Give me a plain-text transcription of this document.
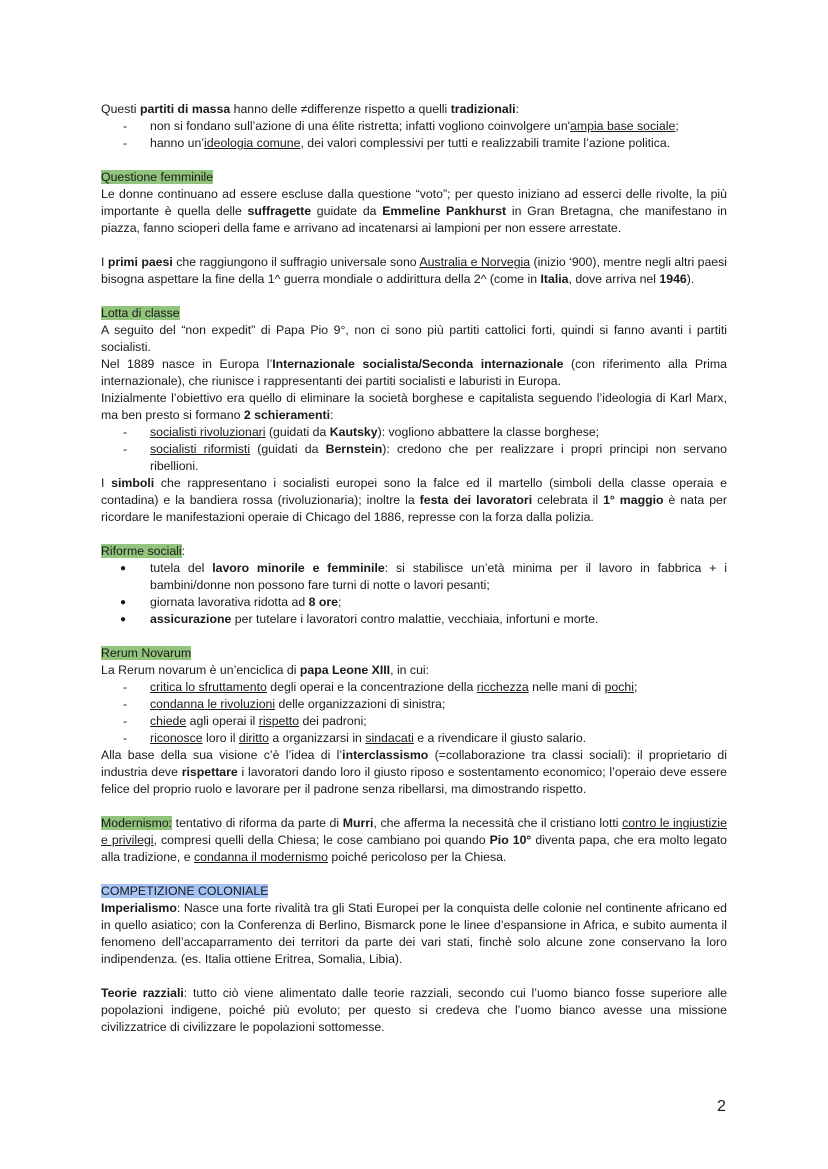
Questi partiti di massa hanno delle ≠differenze rispetto a quelli tradizionali:

- non si fondano sull’azione di una élite ristretta; infatti vogliono coinvolgere un'ampia base sociale;
- hanno un’ideologia comune, dei valori complessivi per tutti e realizzabili tramite l’azione politica.

Questione femminile

Le donne continuano ad essere escluse dalla questione “voto”; per questo iniziano ad esserci delle rivolte, la più importante è quella delle suffragette guidate da Emmeline Pankhurst in Gran Bretagna, che manifestano in piazza, fanno scioperi della fame e arrivano ad incatenarsi ai lampioni per non essere arrestate.

I primi paesi che raggiungono il suffragio universale sono Australia e Norvegia (inizio ‘900), mentre negli altri paesi bisogna aspettare la fine della 1^ guerra mondiale o addirittura della 2^ (come in Italia, dove arriva nel 1946).

Lotta di classe

A seguito del “non expedit” di Papa Pio 9°, non ci sono più partiti cattolici forti, quindi si fanno avanti i partiti socialisti.

Nel 1889 nasce in Europa l’Internazionale socialista/Seconda internazionale (con riferimento alla Prima internazionale), che riunisce i rappresentanti dei partiti socialisti e laburisti in Europa.

Inizialmente l’obiettivo era quello di eliminare la società borghese e capitalista seguendo l’ideologia di Karl Marx, ma ben presto si formano 2 schieramenti:

- socialisti rivoluzionari (guidati da Kautsky): vogliono abbattere la classe borghese;
- socialisti riformisti (guidati da Bernstein): credono che per realizzare i propri principi non servano ribellioni.

I simboli che rappresentano i socialisti europei sono la falce ed il martello (simboli della classe operaia e contadina) e la bandiera rossa (rivoluzionaria); inoltre la festa dei lavoratori celebrata il 1° maggio è nata per ricordare le manifestazioni operaie di Chicago del 1886, represse con la forza dalla polizia.

Riforme sociali:

● tutela del lavoro minorile e femminile: si stabilisce un’età minima per il lavoro in fabbrica + i bambini/donne non possono fare turni di notte o lavori pesanti;
● giornata lavorativa ridotta ad 8 ore;
● assicurazione per tutelare i lavoratori contro malattie, vecchiaia, infortuni e morte.

Rerum Novarum

La Rerum novarum è un’enciclica di papa Leone XIII, in cui:

- critica lo sfruttamento degli operai e la concentrazione della ricchezza nelle mani di pochi;
- condanna le rivoluzioni delle organizzazioni di sinistra;
- chiede agli operai il rispetto dei padroni;
- riconosce loro il diritto a organizzarsi in sindacati e a rivendicare il giusto salario.

Alla base della sua visione c’è l’idea di l’interclassismo (=collaborazione tra classi sociali): il proprietario di industria deve rispettare i lavoratori dando loro il giusto riposo e sostentamento economico; l’operaio deve essere felice del proprio ruolo e lavorare per il padrone senza ribellarsi, ma dimostrando rispetto.

Modernismo: tentativo di riforma da parte di Murri, che afferma la necessità che il cristiano lotti contro le ingiustizie e privilegi, compresi quelli della Chiesa; le cose cambiano poi quando Pio 10° diventa papa, che era molto legato alla tradizione, e condanna il modernismo poiché pericoloso per la Chiesa.

COMPETIZIONE COLONIALE

Imperialismo: Nasce una forte rivalità tra gli Stati Europei per la conquista delle colonie nel continente africano ed in quello asiatico; con la Conferenza di Berlino, Bismarck pone le linee d’espansione in Africa, e subito aumenta il fenomeno dell’accaparramento dei territori da parte dei vari stati, finchè solo alcune zone conservano la loro indipendenza. (es. Italia ottiene Eritrea, Somalia, Libia).

Teorie razziali: tutto ciò viene alimentato dalle teorie razziali, secondo cui l’uomo bianco fosse superiore alle popolazioni indigene, poiché più evoluto; per questo si credeva che l’uomo bianco avesse una missione civilizzatrice di civilizzare le popolazioni sottomesse.

2
